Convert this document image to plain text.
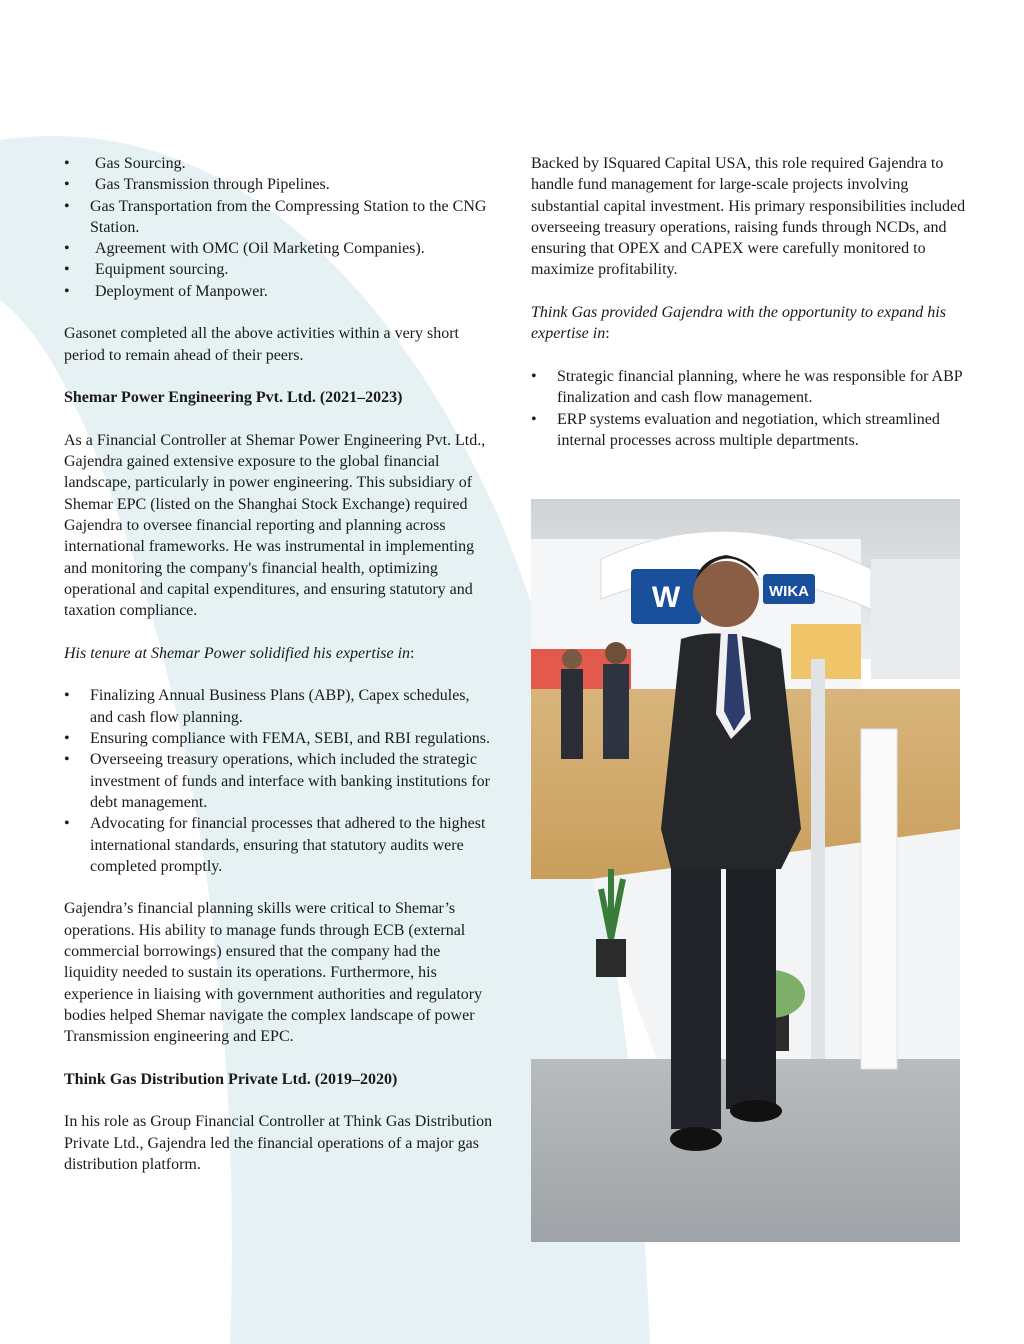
• Gas Sourcing.
• Gas Transmission through Pipelines.
• Gas Transportation from the Compressing Station to the CNG Station.
• Agreement with OMC (Oil Marketing Companies).
• Equipment sourcing.
• Deployment of Manpower.

Gasonet completed all the above activities within a very short period to remain ahead of their peers.

Shemar Power Engineering Pvt. Ltd. (2021–2023)

As a Financial Controller at Shemar Power Engineering Pvt. Ltd., Gajendra gained extensive exposure to the global financial landscape, particularly in power engineering. This subsidiary of Shemar EPC (listed on the Shanghai Stock Exchange) required Gajendra to oversee financial reporting and planning across international frameworks. He was instrumental in implementing and monitoring the company's financial health, optimizing operational and capital expenditures, and ensuring statutory and taxation compliance.

His tenure at Shemar Power solidified his expertise in:

• Finalizing Annual Business Plans (ABP), Capex schedules, and cash flow planning.
• Ensuring compliance with FEMA, SEBI, and RBI regulations.
• Overseeing treasury operations, which included the strategic investment of funds and interface with banking institutions for debt management.
• Advocating for financial processes that adhered to the highest international standards, ensuring that statutory audits were completed promptly.

Gajendra’s financial planning skills were critical to Shemar’s operations. His ability to manage funds through ECB (external commercial borrowings) ensured that the company had the liquidity needed to sustain its operations. Furthermore, his experience in liaising with government authorities and regulatory bodies helped Shemar navigate the complex landscape of power Transmission engineering and EPC.

Think Gas Distribution Private Ltd. (2019–2020)

In his role as Group Financial Controller at Think Gas Distribution Private Ltd., Gajendra led the financial operations of a major gas distribution platform.

Backed by ISquared Capital USA, this role required Gajendra to handle fund management for large-scale projects involving substantial capital investment. His primary responsibilities included overseeing treasury operations, raising funds through NCDs, and ensuring that OPEX and CAPEX were carefully monitored to maximize profitability.

Think Gas provided Gajendra with the opportunity to expand his expertise in:

• Strategic financial planning, where he was responsible for ABP finalization and cash flow management.
• ERP systems evaluation and negotiation, which streamlined internal processes across multiple departments.
W	WIKA
